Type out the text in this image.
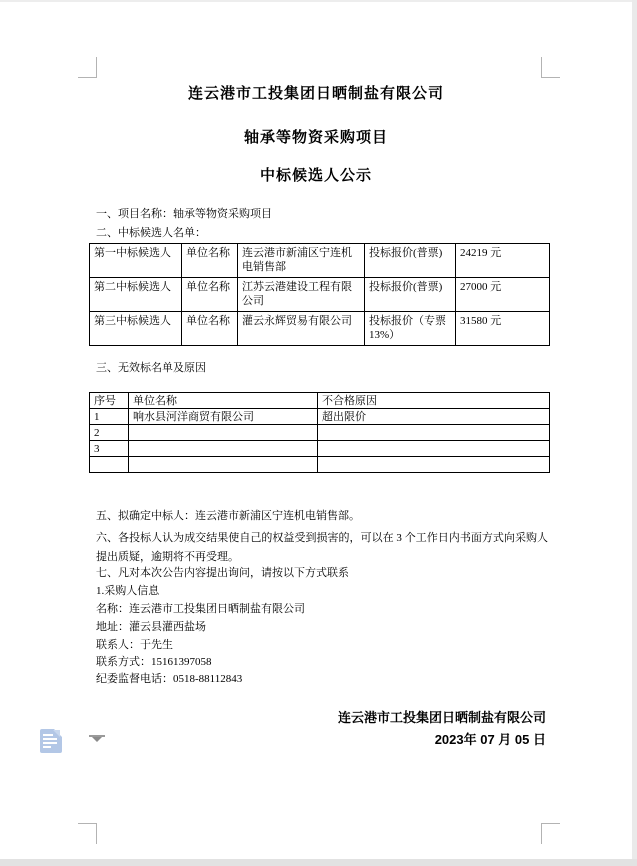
连云港市工投集团日晒制盐有限公司
轴承等物资采购项目
中标候选人公示

一、项目名称：轴承等物资采购项目

二、中标候选人名单：

第一中标候选人	单位名称	连云港市新浦区宁连机电销售部	投标报价(普票)	24219 元
第二中标候选人	单位名称	江苏云港建设工程有限公司	投标报价(普票)	27000 元
第三中标候选人	单位名称	灌云永辉贸易有限公司	投标报价（专票 13%）	31580 元

三、无效标名单及原因

序号	单位名称	不合格原因
1	响水县河洋商贸有限公司	超出限价
2		
3		

五、拟确定中标人：连云港市新浦区宁连机电销售部。

六、各投标人认为成交结果使自己的权益受到损害的，可以在 3 个工作日内书面方式向采购人提出质疑，逾期将不再受理。

七、凡对本次公告内容提出询问，请按以下方式联系

1.采购人信息

名称：连云港市工投集团日晒制盐有限公司

地址：灌云县灌西盐场

联系人：于先生

联系方式：15161397058

纪委监督电话：0518-88112843

连云港市工投集团日晒制盐有限公司

2023年 07 月 05 日
